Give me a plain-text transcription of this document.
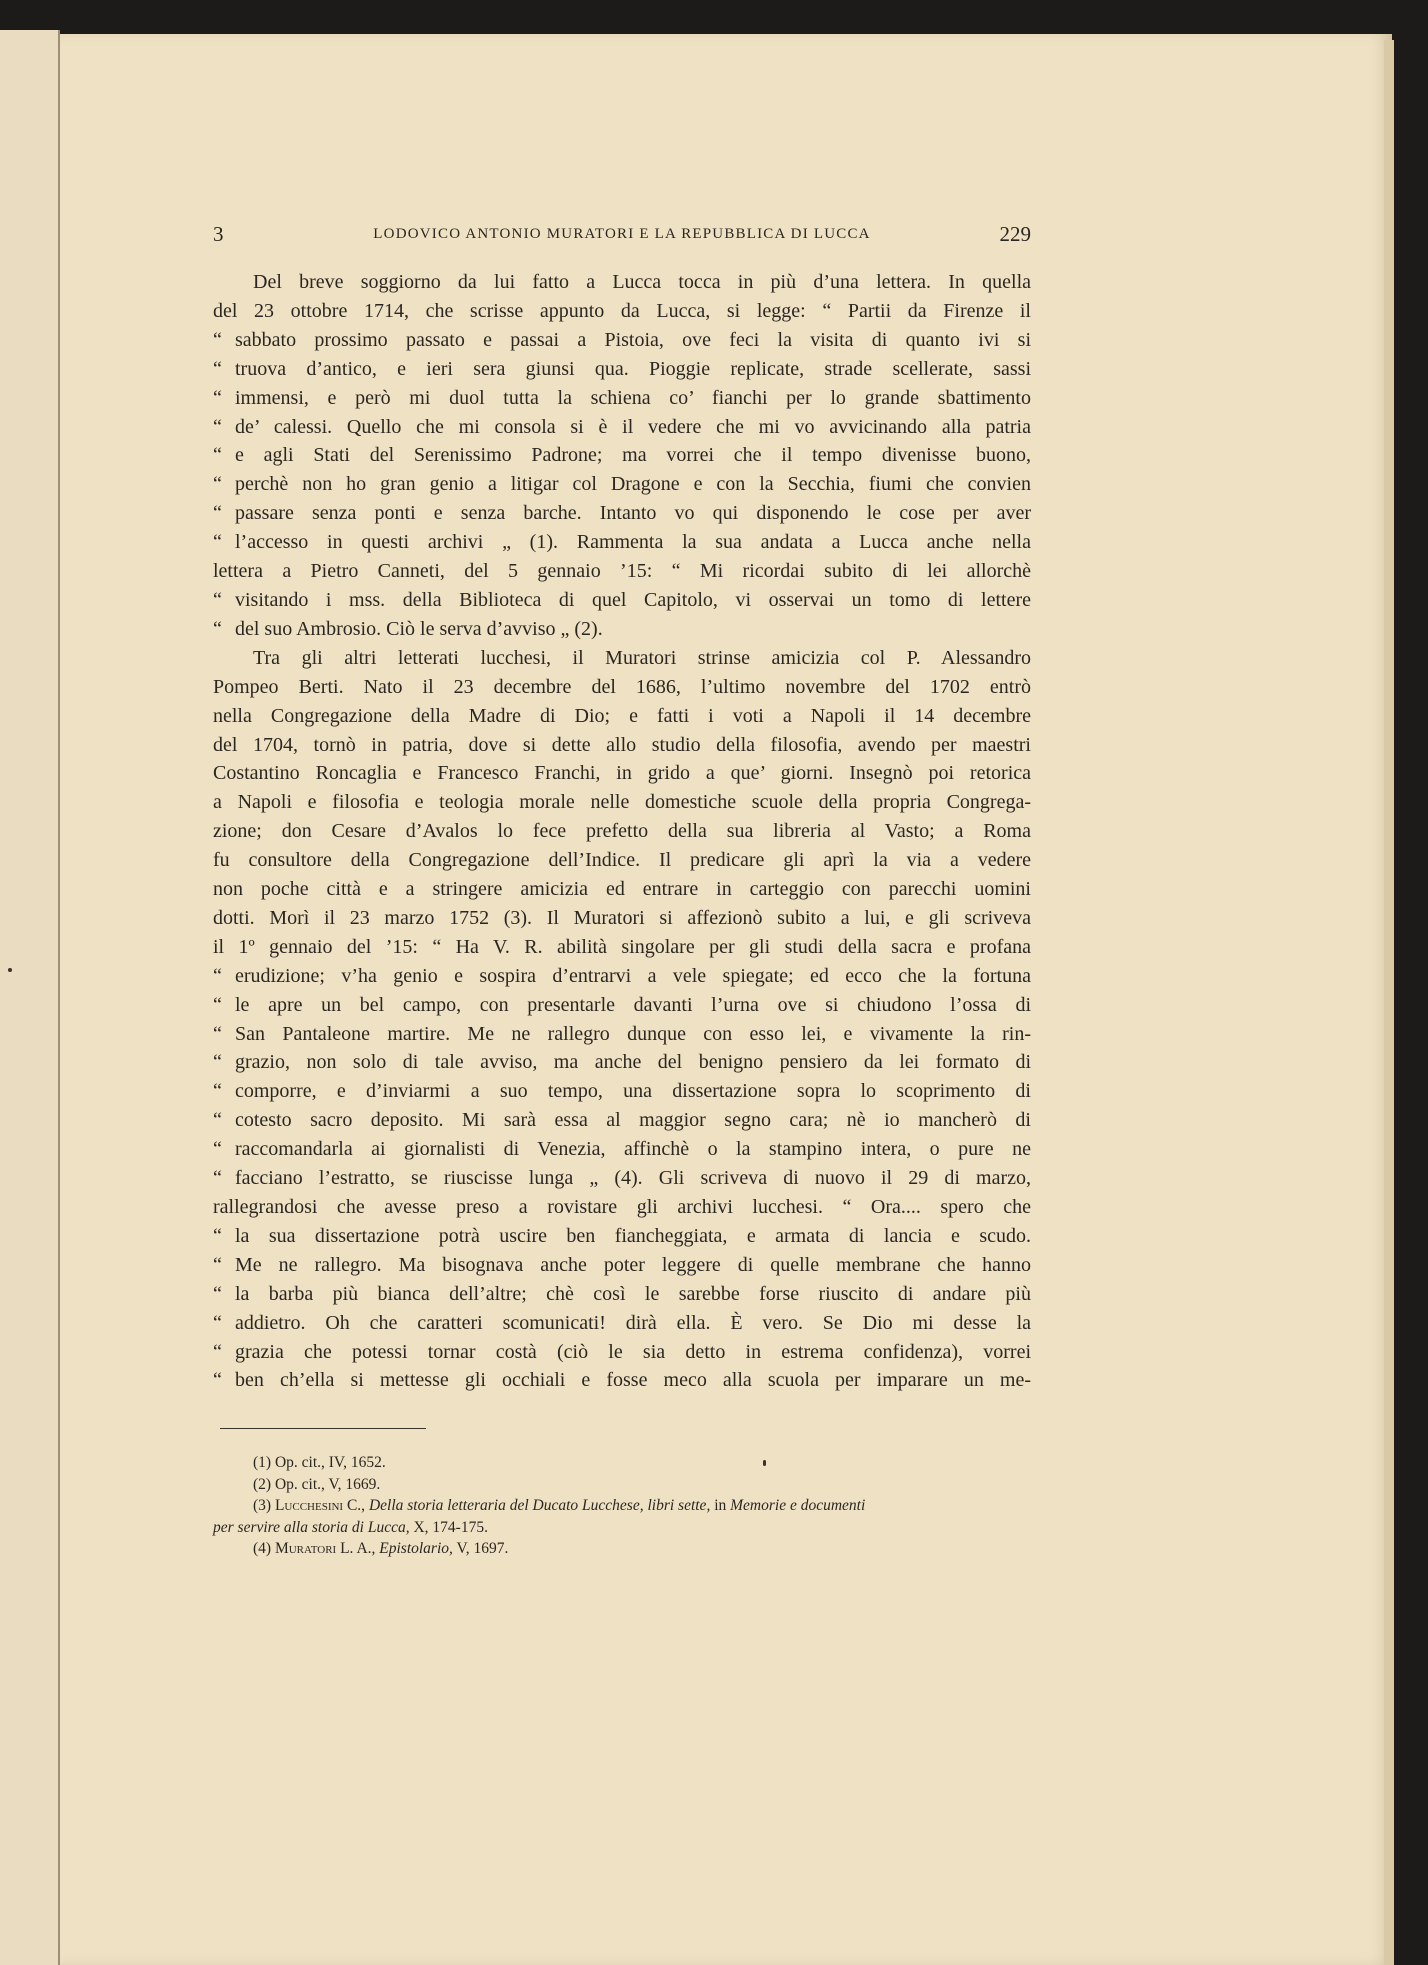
3	LODOVICO ANTONIO MURATORI E LA REPUBBLICA DI LUCCA	229
Del breve soggiorno da lui fatto a Lucca tocca in più d’una lettera. In quella
del 23 ottobre 1714, che scrisse appunto da Lucca, si legge: “ Partii da Firenze il
“ sabbato prossimo passato e passai a Pistoia, ove feci la visita di quanto ivi si
“ truova d’antico, e ieri sera giunsi qua. Pioggie replicate, strade scellerate, sassi
“ immensi, e però mi duol tutta la schiena co’ fianchi per lo grande sbattimento
“ de’ calessi. Quello che mi consola si è il vedere che mi vo avvicinando alla patria
“ e agli Stati del Serenissimo Padrone; ma vorrei che il tempo divenisse buono,
“ perchè non ho gran genio a litigar col Dragone e con la Secchia, fiumi che convien
“ passare senza ponti e senza barche. Intanto vo qui disponendo le cose per aver
“ l’accesso in questi archivi „ (1). Rammenta la sua andata a Lucca anche nella
lettera a Pietro Canneti, del 5 gennaio ’15: “ Mi ricordai subito di lei allorchè
“ visitando i mss. della Biblioteca di quel Capitolo, vi osservai un tomo di lettere
“ del suo Ambrosio. Ciò le serva d’avviso „ (2).
Tra gli altri letterati lucchesi, il Muratori strinse amicizia col P. Alessandro
Pompeo Berti. Nato il 23 decembre del 1686, l’ultimo novembre del 1702 entrò
nella Congregazione della Madre di Dio; e fatti i voti a Napoli il 14 decembre
del 1704, tornò in patria, dove si dette allo studio della filosofia, avendo per maestri
Costantino Roncaglia e Francesco Franchi, in grido a que’ giorni. Insegnò poi retorica
a Napoli e filosofia e teologia morale nelle domestiche scuole della propria Congrega-
zione; don Cesare d’Avalos lo fece prefetto della sua libreria al Vasto; a Roma
fu consultore della Congregazione dell’Indice. Il predicare gli aprì la via a vedere
non poche città e a stringere amicizia ed entrare in carteggio con parecchi uomini
dotti. Morì il 23 marzo 1752 (3). Il Muratori si affezionò subito a lui, e gli scriveva
il 1º gennaio del ’15: “ Ha V. R. abilità singolare per gli studi della sacra e profana
“ erudizione; v’ha genio e sospira d’entrarvi a vele spiegate; ed ecco che la fortuna
“ le apre un bel campo, con presentarle davanti l’urna ove si chiudono l’ossa di
“ San Pantaleone martire. Me ne rallegro dunque con esso lei, e vivamente la rin-
“ grazio, non solo di tale avviso, ma anche del benigno pensiero da lei formato di
“ comporre, e d’inviarmi a suo tempo, una dissertazione sopra lo scoprimento di
“ cotesto sacro deposito. Mi sarà essa al maggior segno cara; nè io mancherò di
“ raccomandarla ai giornalisti di Venezia, affinchè o la stampino intera, o pure ne
“ facciano l’estratto, se riuscisse lunga „ (4). Gli scriveva di nuovo il 29 di marzo,
rallegrandosi che avesse preso a rovistare gli archivi lucchesi. “ Ora.... spero che
“ la sua dissertazione potrà uscire ben fiancheggiata, e armata di lancia e scudo.
“ Me ne rallegro. Ma bisognava anche poter leggere di quelle membrane che hanno
“ la barba più bianca dell’altre; chè così le sarebbe forse riuscito di andare più
“ addietro. Oh che caratteri scomunicati! dirà ella. È vero. Se Dio mi desse la
“ grazia che potessi tornar costà (ciò le sia detto in estrema confidenza), vorrei
“ ben ch’ella si mettesse gli occhiali e fosse meco alla scuola per imparare un me-
(1) Op. cit., IV, 1652.
(2) Op. cit., V, 1669.
(3) Lucchesini C., Della storia letteraria del Ducato Lucchese, libri sette, in Memorie e documenti
per servire alla storia di Lucca, X, 174-175.
(4) Muratori L. A., Epistolario, V, 1697.
